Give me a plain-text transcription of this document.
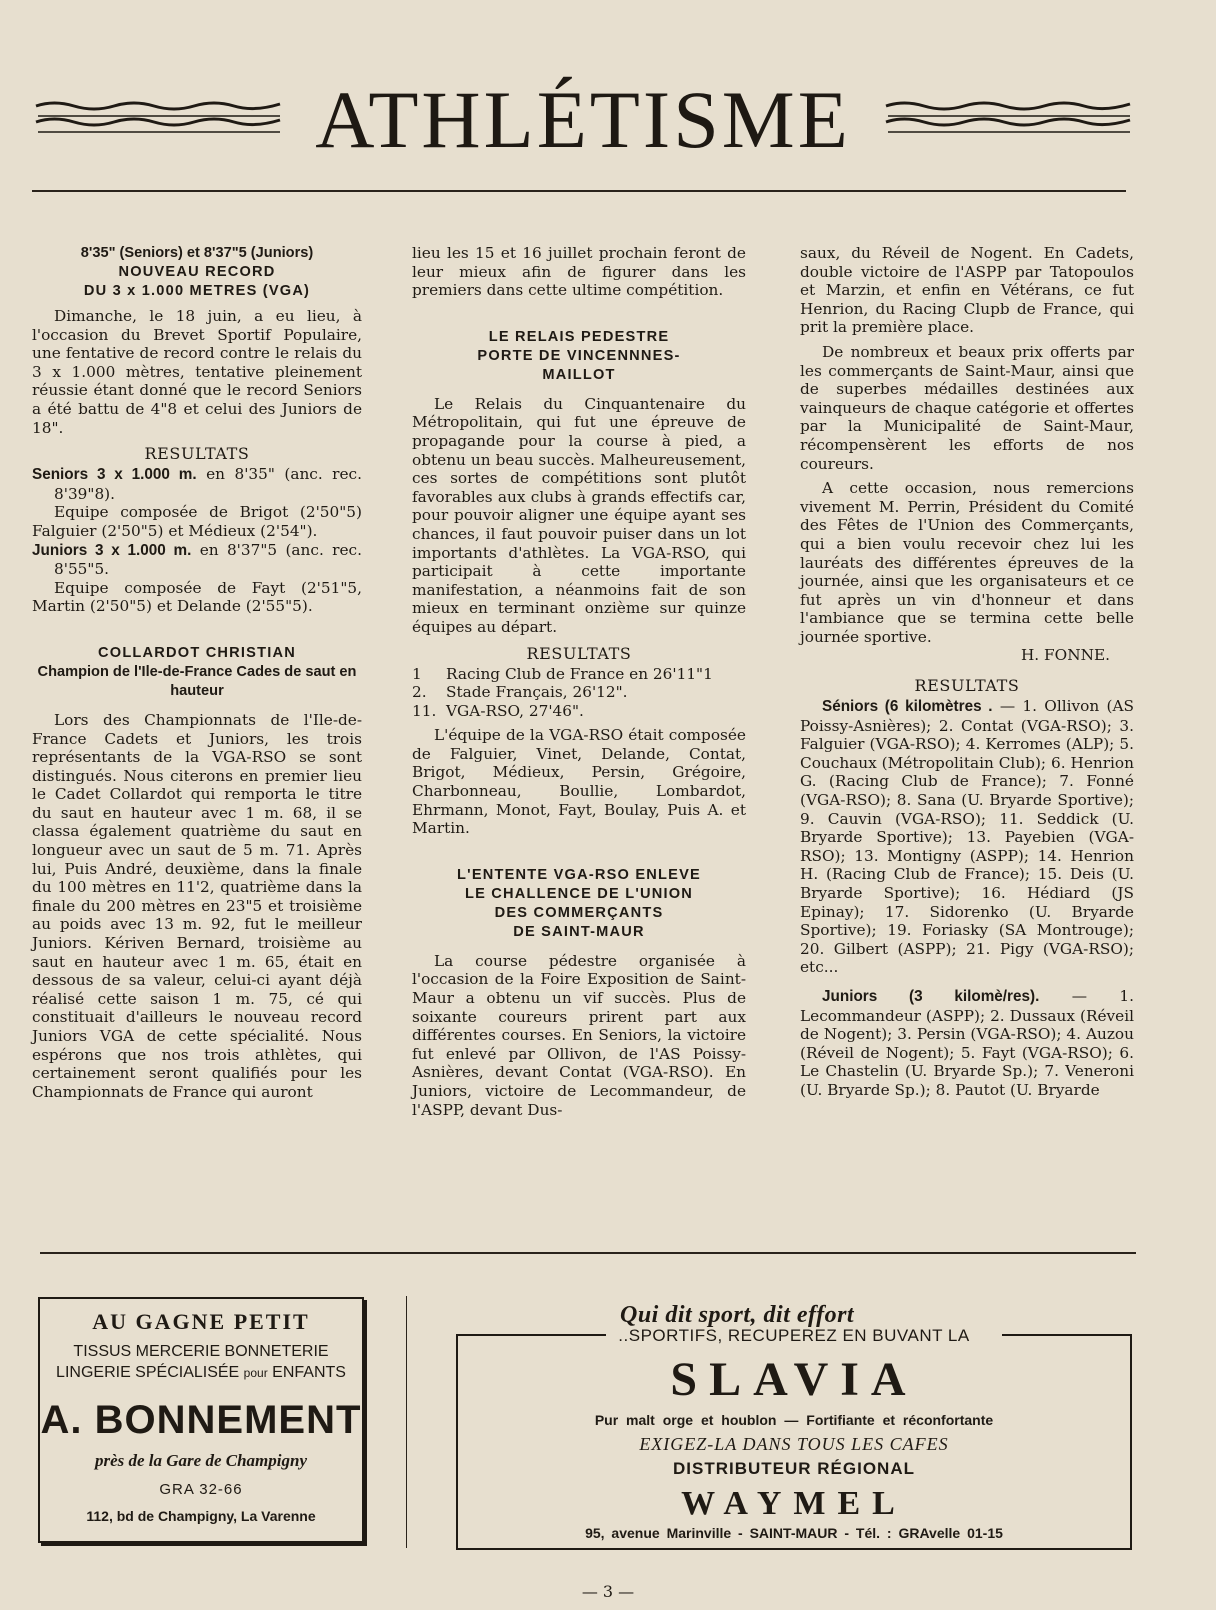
ATHLÉTISME
8'35" (Seniors) et 8'37"5 (Juniors)
NOUVEAU RECORD
DU 3 x 1.000 METRES (VGA)

Dimanche, le 18 juin, a eu lieu, à l'occasion du Brevet Sportif Populaire, une fentative de record contre le relais du 3 x 1.000 mètres, tentative pleinement réussie étant donné que le record Seniors a été battu de 4"8 et celui des Juniors de 18".

RESULTATS

Seniors 3 x 1.000 m. en 8'35" (anc. rec. 8'39"8).

Equipe composée de Brigot (2'50"5) Falguier (2'50"5) et Médieux (2'54").

Juniors 3 x 1.000 m. en 8'37"5 (anc. rec. 8'55"5.

Equipe composée de Fayt (2'51"5, Martin (2'50"5) et Delande (2'55"5).

COLLARDOT CHRISTIAN
Champion de l'Ile-de-France Cades de saut en hauteur

Lors des Championnats de l'Ile-de-France Cadets et Juniors, les trois représentants de la VGA-RSO se sont distingués. Nous citerons en premier lieu le Cadet Collardot qui remporta le titre du saut en hauteur avec 1 m. 68, il se classa également quatrième du saut en longueur avec un saut de 5 m. 71. Après lui, Puis André, deuxième, dans la finale du 100 mètres en 11'2, quatrième dans la finale du 200 mètres en 23"5 et troisième au poids avec 13 m. 92, fut le meilleur Juniors. Kériven Bernard, troisième au saut en hauteur avec 1 m. 65, était en dessous de sa valeur, celui-ci ayant déjà réalisé cette saison 1 m. 75, cé qui constituait d'ailleurs le nouveau record Juniors VGA de cette spécialité. Nous espérons que nos trois athlètes, qui certainement seront qualifiés pour les Championnats de France qui auront

lieu les 15 et 16 juillet prochain feront de leur mieux afin de figurer dans les premiers dans cette ultime compétition.

LE RELAIS PEDESTRE
PORTE DE VINCENNNES-
MAILLOT

Le Relais du Cinquantenaire du Métropolitain, qui fut une épreuve de propagande pour la course à pied, a obtenu un beau succès. Malheureusement, ces sortes de compétitions sont plutôt favorables aux clubs à grands effectifs car, pour pouvoir aligner une équipe ayant ses chances, il faut pouvoir puiser dans un lot importants d'athlètes. La VGA-RSO, qui participait à cette importante manifestation, a néanmoins fait de son mieux en terminant onzième sur quinze équipes au départ.

RESULTATS
1	Racing Club de France en 26'11"1
2.	Stade Français, 26'12".
11. VGA-RSO, 27'46".

L'équipe de la VGA-RSO était composée de Falguier, Vinet, Delande, Contat, Brigot, Médieux, Persin, Grégoire, Charbonneau, Boullie, Lombardot, Ehrmann, Monot, Fayt, Boulay, Puis A. et Martin.

L'ENTENTE VGA-RSO ENLEVE
LE CHALLENCE DE L'UNION
DES COMMERÇANTS
DE SAINT-MAUR

La course pédestre organisée à l'occasion de la Foire Exposition de Saint-Maur a obtenu un vif succès. Plus de soixante coureurs prirent part aux différentes courses. En Seniors, la victoire fut enlevé par Ollivon, de l'AS Poissy-Asnières, devant Contat (VGA-RSO). En Juniors, victoire de Lecommandeur, de l'ASPP, devant Dus-

saux, du Réveil de Nogent. En Cadets, double victoire de l'ASPP par Tatopoulos et Marzin, et enfin en Vétérans, ce fut Henrion, du Racing Clupb de France, qui prit la première place.

De nombreux et beaux prix offerts par les commerçants de Saint-Maur, ainsi que de superbes médailles destinées aux vainqueurs de chaque catégorie et offertes par la Municipalité de Saint-Maur, récompensèrent les efforts de nos coureurs.

A cette occasion, nous remercions vivement M. Perrin, Président du Comité des Fêtes de l'Union des Commerçants, qui a bien voulu recevoir chez lui les lauréats des différentes épreuves de la journée, ainsi que les organisateurs et ce fut après un vin d'honneur et dans l'ambiance que se termina cette belle journée sportive.

H. FONNE.
RESULTATS

Séniors (6 kilomètres . — 1. Ollivon (AS Poissy-Asnières); 2. Contat (VGA-RSO); 3. Falguier (VGA-RSO); 4. Kerromes (ALP); 5. Couchaux (Métropolitain Club); 6. Henrion G. (Racing Club de France); 7. Fonné (VGA-RSO); 8. Sana (U. Bryarde Sportive); 9. Cauvin (VGA-RSO); 11. Seddick (U. Bryarde Sportive); 13. Payebien (VGA-RSO); 13. Montigny (ASPP); 14. Henrion H. (Racing Club de France); 15. Deis (U. Bryarde Sportive); 16. Hédiard (JS Epinay); 17. Sidorenko (U. Bryarde Sportive); 19. Foriasky (SA Montrouge); 20. Gilbert (ASPP); 21. Pigy (VGA-RSO); etc...

Juniors (3 kilomè/res). — 1. Lecommandeur (ASPP); 2. Dussaux (Réveil de Nogent); 3. Persin (VGA-RSO); 4. Auzou (Réveil de Nogent); 5. Fayt (VGA-RSO); 6. Le Chastelin (U. Bryarde Sp.); 7. Veneroni (U. Bryarde Sp.); 8. Pautot (U. Bryarde

AU GAGNE PETIT
TISSUS MERCERIE BONNETERIE
LINGERIE SPÉCIALISÉE pour ENFANTS
A. BONNEMENT
près de la Gare de Champigny
GRA 32-66
112, bd de Champigny, La Varenne
Qui dit sport, dit effort
..SPORTIFS, RECUPEREZ EN BUVANT LA
SLAVIA
Pur malt orge et houblon — Fortifiante et réconfortante
EXIGEZ-LA DANS TOUS LES CAFES
DISTRIBUTEUR RÉGIONAL
WAYMEL
95, avenue Marinville - SAINT-MAUR - Tél. : GRAvelle 01-15
— 3 —
